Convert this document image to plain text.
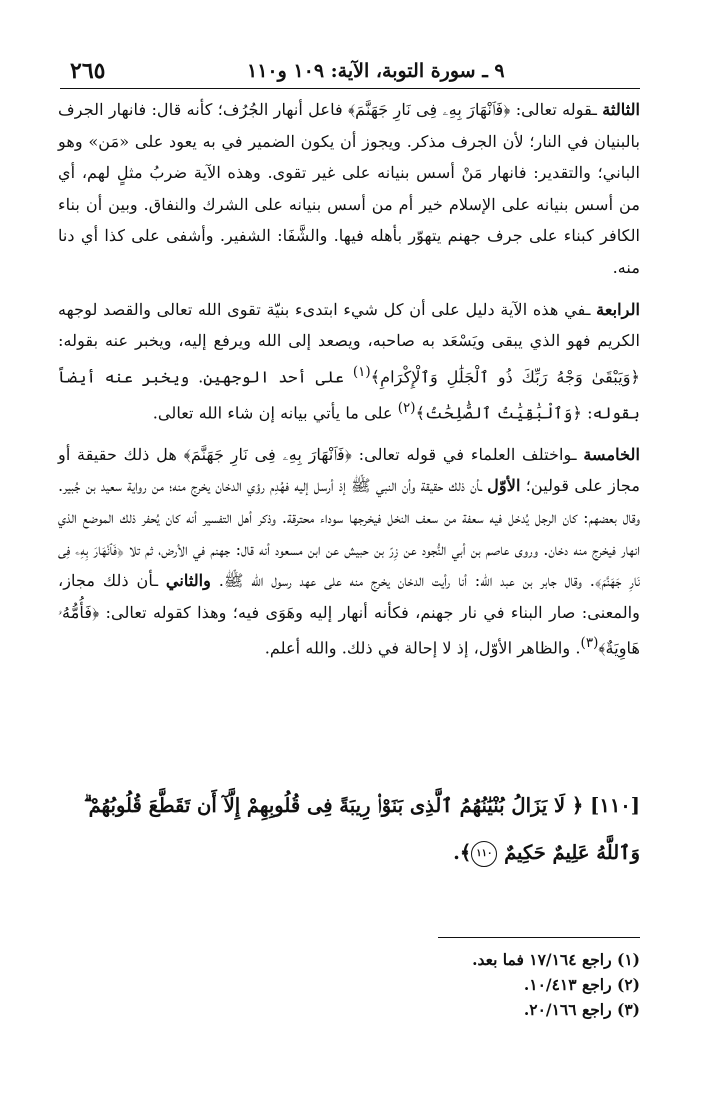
٢٦٥	٩ ـ سورة التوبة، الآية: ١٠٩ و١١٠

الثالثة ـقوله تعالى: ﴿فَٱنْهَارَ بِهِۦ فِى نَارِ جَهَنَّمَ﴾ فاعل أنهار الجُرُف؛ كأنه قال: فانهار الجرف بالبنيان في النار؛ لأن الجرف مذكر. ويجوز أن يكون الضمير في به يعود على «مَن» وهو الباني؛ والتقدير: فانهار مَنْ أسس بنيانه على غير تقوى. وهذه الآية ضربُ مثلٍ لهم، أي من أسس بنيانه على الإسلام خير أم من أسس بنيانه على الشرك والنفاق. وبين أن بناء الكافر كبناء على جرف جهنم يتهوّر بأهله فيها. والشَّفَا: الشفير. وأشفى على كذا أي دنا منه.

الرابعة ـفي هذه الآية دليل على أن كل شيء ابتدىء بنيّة تقوى الله تعالى والقصد لوجهه الكريم فهو الذي يبقى ويَسْعَد به صاحبه، ويصعد إلى الله ويرفع إليه، ويخبر عنه بقوله: ﴿وَيَبْقَىٰ وَجْهُ رَبِّكَ ذُو ٱلْجَلَٰلِ وَٱلْإِكْرَامِ﴾$^{(١)}$ على أحد الوجهين. ويخبر عنه أيضاً بقوله: ﴿وَٱلْبَٰقِيَٰتُ ٱلصَّٰلِحَٰتُ﴾$^{(٢)}$ على ما يأتي بيانه إن شاء الله تعالى.

الخامسة ـواختلف العلماء في قوله تعالى: ﴿فَٱنْهَارَ بِهِۦ فِى نَارِ جَهَنَّمَ﴾ هل ذلك حقيقة أو مجاز على قولين؛ الأوّل ـأن ذلك حقيقة وأن النبي ﷺ إذ أرسل إليه فهُدِم رؤي الدخان يخرج منه؛ من رواية سعيد بن جُبير. وقال بعضهم: كان الرجل يُدخل فيه سعفة من سعف النخل فيخرجها سوداء محترقة. وذكر أهل التفسير أنه كان يُحفر ذلك الموضع الذي انهار فيخرج منه دخان. وروى عاصم بن أبي النُّجود عن زِرّ بن حبيش عن ابن مسعود أنه قال: جهنم في الأرض، ثم تلا ﴿فَٱنْهَارَ بِهِۦ فِى نَارِ جَهَنَّمَ﴾. وقال جابر بن عبد الله: أنا رأيت الدخان يخرج منه على عهد رسول الله ﷺ. والثاني ـأن ذلك مجاز، والمعنى: صار البناء في نار جهنم، فكأنه أنهار إليه وهَوَى فيه؛ وهذا كقوله تعالى: ﴿فَأُمُّهُۥ هَاوِيَةٌ﴾$^{(٣)}$. والظاهر الأوّل، إذ لا إحالة في ذلك. والله أعلم.

[١١٠] ﴿ لَا يَزَالُ بُنْيَٰنُهُمُ ٱلَّذِى بَنَوْا۟ رِيبَةً فِى قُلُوبِهِمْ إِلَّآ أَن تَقَطَّعَ قُلُوبُهُمْ ۗ وَٱللَّهُ عَلِيمٌ حَكِيمٌ ١١٠﴾.
(١) راجع ١٧/١٦٤ فما بعد.
(٢) راجع ١٠/٤١٣.
(٣) راجع ٢٠/١٦٦.
